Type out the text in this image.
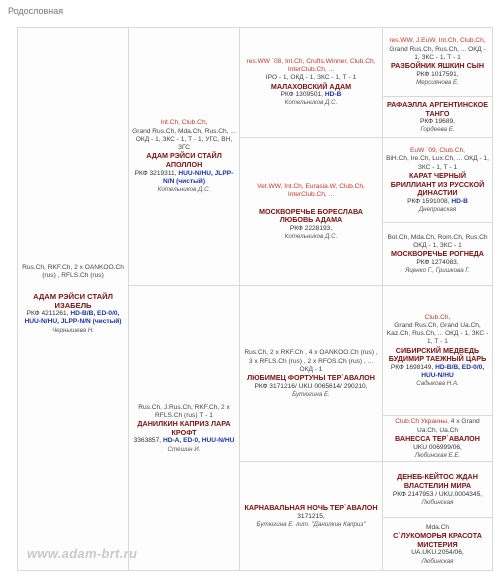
Родословная
Rus.Ch, RKF.Ch, 2 x OANKOO.Ch (rus) , RFLS.Ch (rus)
АДАМ РЭЙСИ СТАЙЛ ИЗАБЕЛЬ
РКФ 4211261, HD-B/B, ED-0/0, HUU-N/HU, JLPP-N/N (чистый)
Чернышева Н.
Int.Ch, Club.Ch,
Grand Rus.Ch, Mda.Ch, Rus.Ch, ... ОКД - 1, ЗКС - 1, Т - 1, УГС, ВН, ЗГС
АДАМ РЭЙСИ СТАЙЛ АПОЛЛОН
РКФ 3219311, HUU-N/HU, JLPP-N/N (чистый)
Котельников Д.С.
Rus.Ch, J.Rus.Ch, RKF.Ch, 2 x RFLS.Ch (rus) Т - 1
ДАНИЛКИН КАПРИЗ ЛАРА КРОФТ
3363857, HD-A, ED-0, HUU-N/HU
Стешин И.
res.WW `08, Int.Ch, Crufts.Winner, Club.Ch, InterClub.Ch, ...
IPO - 1, ОКД - 1, ЗКС - 1, Т - 1
МАЛАХОВСКИЙ АДАМ
РКФ 1309501, HD-B
Котельников Д.С.
Vet.WW, Int.Ch, Eurasia.W, Club.Ch, InterClub.Ch, ...
МОСКВОРЕЧЬЕ БОРЕСЛАВА ЛЮБОВЬ АДАМА
РКФ 2228193,
Котельников Д.С.
Rus.Ch, 2 x RKF.Ch , 4 x OANKOO.Ch (rus) , 3 x RFLS.Ch (rus) , 2 x RFOS.Ch (rus) , ... ОКД - 1
ЛЮБИМЕЦ ФОРТУНЫ ТЕР`АВАЛОН
РКФ 3171216/ UKU 0065614/ 290210,
Бутюгина Е.
КАРНАВАЛЬНАЯ НОЧЬ ТЕР`АВАЛОН
3171215,
Бутюгина Е. лит. "Данилкин Каприз"
res.WW, J.EuW, Int.Ch, Club.Ch,
Grand Rus.Ch, Rus.Ch, ... ОКД - 1, ЗКС - 1, Т - 1
РАЗБОЙНИК ЯШКИН СЫН
РКФ 1017591,
Мерсиянова Е.
РАФАЭЛЛА АРГЕНТИНСКОЕ ТАНГО
РКФ 19689,
Гордеева Е.
EuW `09, Club.Ch,
BiH.Ch, Ire.Ch, Lux.Ch, ... ОКД - 1, ЗКС - 1, Т - 1
КАРАТ ЧЕРНЫЙ БРИЛЛИАНТ ИЗ РУССКОЙ ДИНАСТИИ
РКФ 1591008, HD-B
Днепровская
Bol.Ch, Mda.Ch, Rom.Ch, Rus.Ch ОКД - 1, ЗКС - 1
МОСКВОРЕЧЬЕ РОГНЕДА
РКФ 1274083,
Яценко Г., Гришкова Г.
Club.Ch,
Grand Rus.Ch, Grand Ua.Ch, Kaz.Ch, Rus.Ch, ... ОКД - 1, ЗКС - 1, Т - 1
СИБИРСКИЙ МЕДВЕДЬ БУДИМИР ТАЕЖНЫЙ ЦАРЬ
РКФ 1698149, HD-B/B, ED-0/0, HUU-N/HU
Садыкова Н.А.
Club.Ch Украины, 4 x Grand Ua.Ch, Ua.Ch
ВАНЕССА ТЕР`АВАЛОН
UKU 006999/06,
Любинская Е.Е.
ДЕНЕБ-КЕЙТОС ЖДАН ВЛАСТЕЛИН МИРА
РКФ 2147953 / UKU.0004345,
Любинская
Mda.Ch
С`ЛУКОМОРЬЯ КРАСОТА МИСТЕРИЯ
UA.UKU.2054/06,
Любинская
www.adam-brt.ru
